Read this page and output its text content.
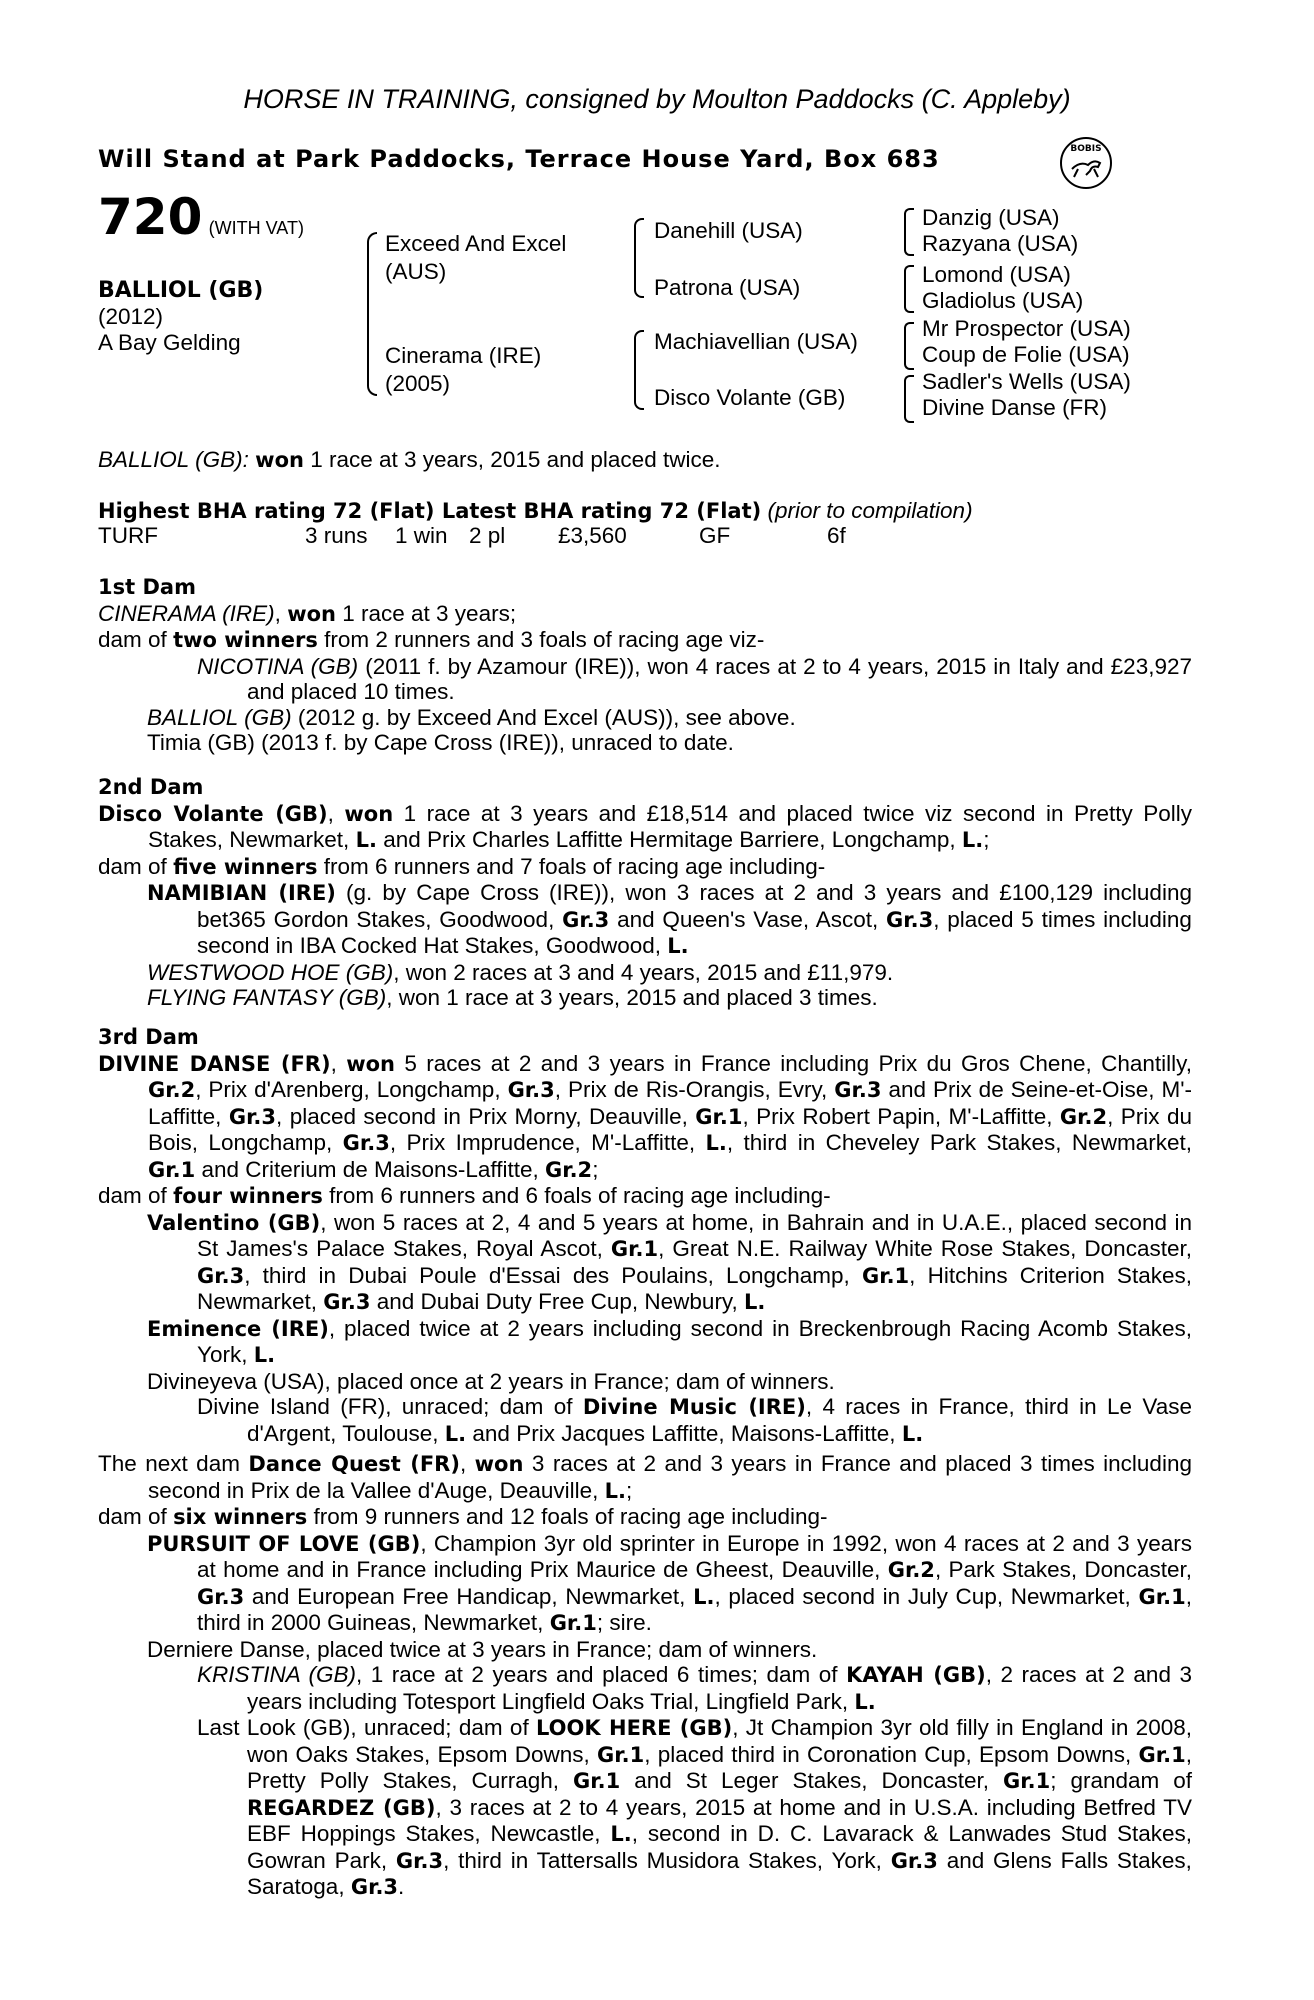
HORSE IN TRAINING, consigned by Moulton Paddocks (C. Appleby)
Will Stand at Park Paddocks, Terrace House Yard, Box 683	BOBIS
720 (WITH VAT)
BALLIOL (GB)
(2012)
A Bay Gelding
Exceed And Excel
(AUS)
Cinerama (IRE)
(2005)
Danehill (USA)
Patrona (USA)
Machiavellian (USA)
Disco Volante (GB)
Danzig (USA)
Razyana (USA)
Lomond (USA)
Gladiolus (USA)
Mr Prospector (USA)
Coup de Folie (USA)
Sadler's Wells (USA)
Divine Danse (FR)
BALLIOL (GB): won 1 race at 3 years, 2015 and placed twice.
Highest BHA rating 72 (Flat) Latest BHA rating 72 (Flat) (prior to compilation)
TURF	3 runs 1 win 2 pl £3,560	GF	6f
1st Dam

CINERAMA (IRE), won 1 race at 3 years;

dam of two winners from 2 runners and 3 foals of racing age viz-

NICOTINA (GB) (2011 f. by Azamour (IRE)), won 4 races at 2 to 4 years, 2015 in Italy and £23,927 and placed 10 times.

BALLIOL (GB) (2012 g. by Exceed And Excel (AUS)), see above.

Timia (GB) (2013 f. by Cape Cross (IRE)), unraced to date.

2nd Dam

Disco Volante (GB), won 1 race at 3 years and £18,514 and placed twice viz second in Pretty Polly Stakes, Newmarket, L. and Prix Charles Laffitte Hermitage Barriere, Longchamp, L.;

dam of five winners from 6 runners and 7 foals of racing age including-

NAMIBIAN (IRE) (g. by Cape Cross (IRE)), won 3 races at 2 and 3 years and £100,129 including bet365 Gordon Stakes, Goodwood, Gr.3 and Queen's Vase, Ascot, Gr.3, placed 5 times including second in IBA Cocked Hat Stakes, Goodwood, L.

WESTWOOD HOE (GB), won 2 races at 3 and 4 years, 2015 and £11,979.

FLYING FANTASY (GB), won 1 race at 3 years, 2015 and placed 3 times.

3rd Dam

DIVINE DANSE (FR), won 5 races at 2 and 3 years in France including Prix du Gros Chene, Chantilly, Gr.2, Prix d'Arenberg, Longchamp, Gr.3, Prix de Ris-Orangis, Evry, Gr.3 and Prix de Seine-et-Oise, M'-Laffitte, Gr.3, placed second in Prix Morny, Deauville, Gr.1, Prix Robert Papin, M'-Laffitte, Gr.2, Prix du Bois, Longchamp, Gr.3, Prix Imprudence, M'-Laffitte, L., third in Cheveley Park Stakes, Newmarket, Gr.1 and Criterium de Maisons-Laffitte, Gr.2;

dam of four winners from 6 runners and 6 foals of racing age including-

Valentino (GB), won 5 races at 2, 4 and 5 years at home, in Bahrain and in U.A.E., placed second in St James's Palace Stakes, Royal Ascot, Gr.1, Great N.E. Railway White Rose Stakes, Doncaster, Gr.3, third in Dubai Poule d'Essai des Poulains, Longchamp, Gr.1, Hitchins Criterion Stakes, Newmarket, Gr.3 and Dubai Duty Free Cup, Newbury, L.

Eminence (IRE), placed twice at 2 years including second in Breckenbrough Racing Acomb Stakes, York, L.

Divineyeva (USA), placed once at 2 years in France; dam of winners.

Divine Island (FR), unraced; dam of Divine Music (IRE), 4 races in France, third in Le Vase d'Argent, Toulouse, L. and Prix Jacques Laffitte, Maisons-Laffitte, L.

The next dam Dance Quest (FR), won 3 races at 2 and 3 years in France and placed 3 times including second in Prix de la Vallee d'Auge, Deauville, L.;

dam of six winners from 9 runners and 12 foals of racing age including-

PURSUIT OF LOVE (GB), Champion 3yr old sprinter in Europe in 1992, won 4 races at 2 and 3 years at home and in France including Prix Maurice de Gheest, Deauville, Gr.2, Park Stakes, Doncaster, Gr.3 and European Free Handicap, Newmarket, L., placed second in July Cup, Newmarket, Gr.1, third in 2000 Guineas, Newmarket, Gr.1; sire.

Derniere Danse, placed twice at 3 years in France; dam of winners.

KRISTINA (GB), 1 race at 2 years and placed 6 times; dam of KAYAH (GB), 2 races at 2 and 3 years including Totesport Lingfield Oaks Trial, Lingfield Park, L.

Last Look (GB), unraced; dam of LOOK HERE (GB), Jt Champion 3yr old filly in England in 2008, won Oaks Stakes, Epsom Downs, Gr.1, placed third in Coronation Cup, Epsom Downs, Gr.1, Pretty Polly Stakes, Curragh, Gr.1 and St Leger Stakes, Doncaster, Gr.1; grandam of REGARDEZ (GB), 3 races at 2 to 4 years, 2015 at home and in U.S.A. including Betfred TV EBF Hoppings Stakes, Newcastle, L., second in D. C. Lavarack & Lanwades Stud Stakes, Gowran Park, Gr.3, third in Tattersalls Musidora Stakes, York, Gr.3 and Glens Falls Stakes, Saratoga, Gr.3.
